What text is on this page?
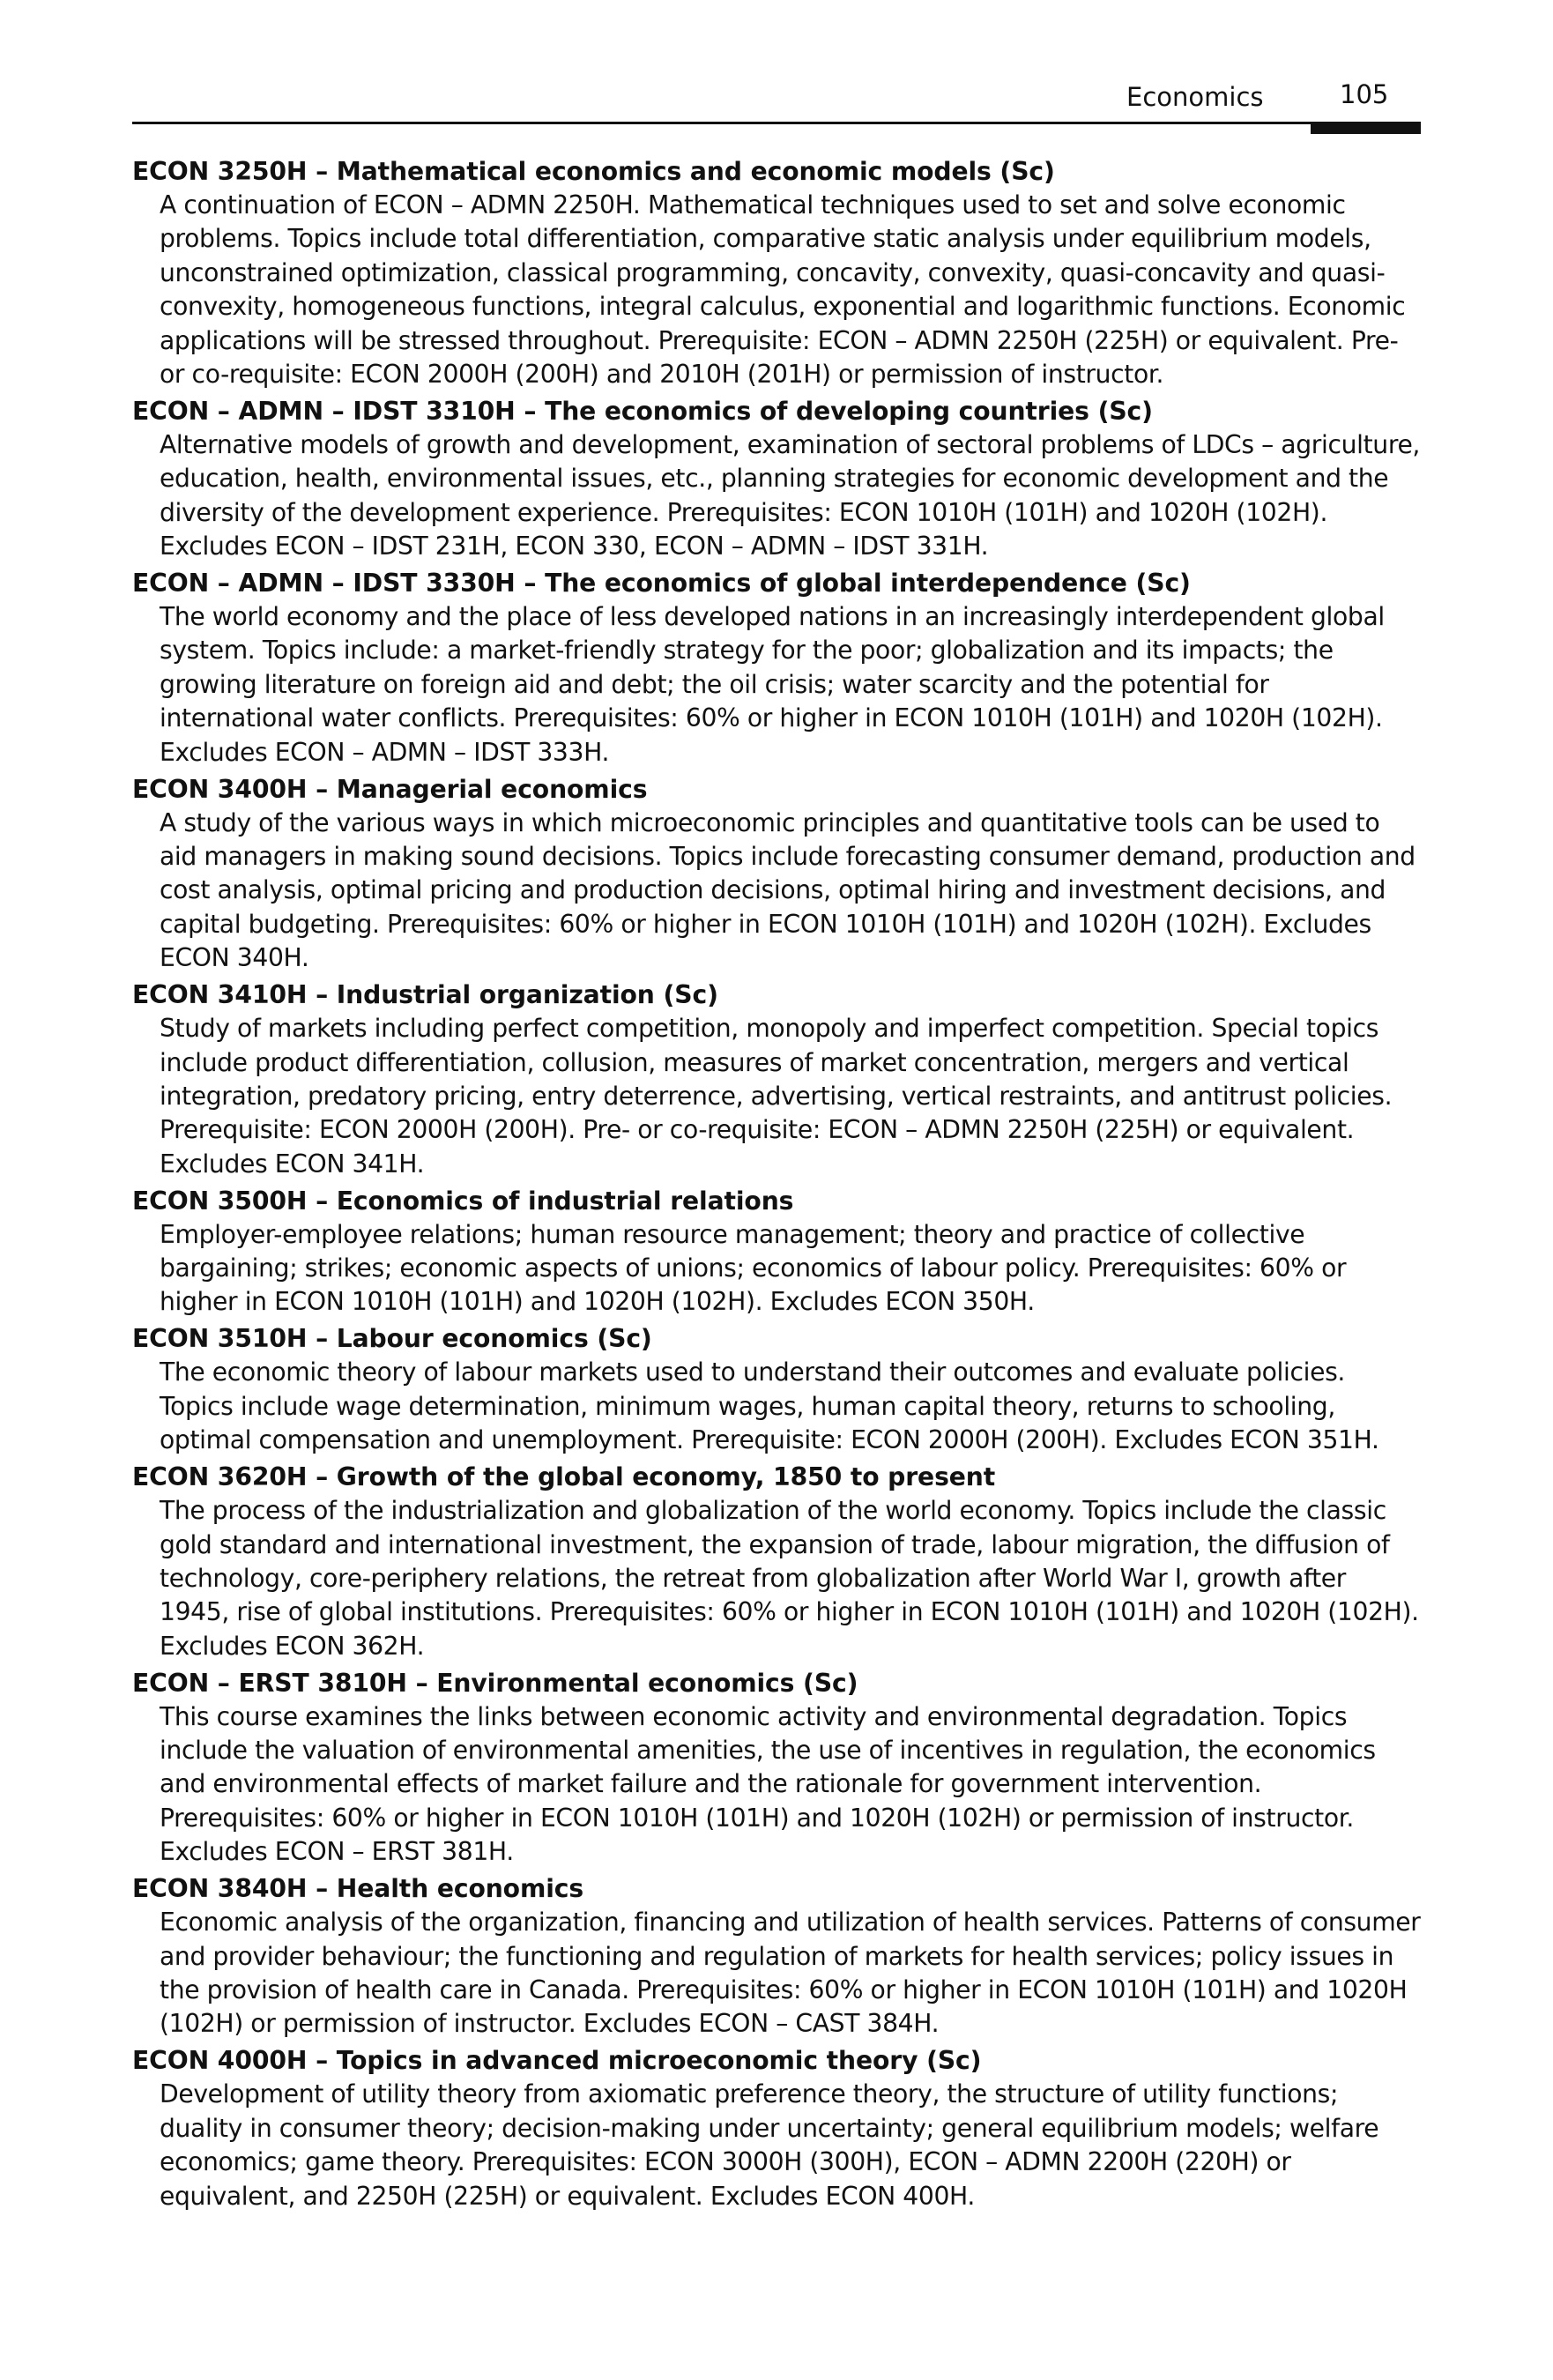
Economics	105
ECON 3250H – Mathematical economics and economic models (Sc)
A continuation of ECON – ADMN 2250H. Mathematical techniques used to set and solve economic problems. Topics include total differentiation, comparative static analysis under equilibrium models, unconstrained optimization, classical programming, concavity, convexity, quasi-concavity and quasi-convexity, homogeneous functions, integral calculus, exponential and logarithmic functions. Economic applications will be stressed throughout. Prerequisite: ECON – ADMN 2250H (225H) or equivalent. Pre- or co-requisite: ECON 2000H (200H) and 2010H (201H) or permission of instructor.
ECON – ADMN – IDST 3310H – The economics of developing countries (Sc)
Alternative models of growth and development, examination of sectoral problems of LDCs – agriculture, education, health, environmental issues, etc., planning strategies for economic development and the diversity of the development experience. Prerequisites: ECON 1010H (101H) and 1020H (102H). Excludes ECON – IDST 231H, ECON 330, ECON – ADMN – IDST 331H.
ECON – ADMN – IDST 3330H – The economics of global interdependence (Sc)
The world economy and the place of less developed nations in an increasingly interdependent global system. Topics include: a market-friendly strategy for the poor; globalization and its impacts; the growing literature on foreign aid and debt; the oil crisis; water scarcity and the potential for international water conflicts. Prerequisites: 60% or higher in ECON 1010H (101H) and 1020H (102H). Excludes ECON – ADMN – IDST 333H.
ECON 3400H – Managerial economics
A study of the various ways in which microeconomic principles and quantitative tools can be used to aid managers in making sound decisions. Topics include forecasting consumer demand, production and cost analysis, optimal pricing and production decisions, optimal hiring and investment decisions, and capital budgeting. Prerequisites: 60% or higher in ECON 1010H (101H) and 1020H (102H). Excludes ECON 340H.
ECON 3410H – Industrial organization (Sc)
Study of markets including perfect competition, monopoly and imperfect competition. Special topics include product differentiation, collusion, measures of market concentration, mergers and vertical integration, predatory pricing, entry deterrence, advertising, vertical restraints, and antitrust policies. Prerequisite: ECON 2000H (200H). Pre- or co-requisite: ECON – ADMN 2250H (225H) or equivalent. Excludes ECON 341H.
ECON 3500H – Economics of industrial relations
Employer-employee relations; human resource management; theory and practice of collective bargaining; strikes; economic aspects of unions; economics of labour policy. Prerequisites: 60% or higher in ECON 1010H (101H) and 1020H (102H). Excludes ECON 350H.
ECON 3510H – Labour economics (Sc)
The economic theory of labour markets used to understand their outcomes and evaluate policies. Topics include wage determination, minimum wages, human capital theory, returns to schooling, optimal compensation and unemployment. Prerequisite: ECON 2000H (200H). Excludes ECON 351H.
ECON 3620H – Growth of the global economy, 1850 to present
The process of the industrialization and globalization of the world economy. Topics include the classic gold standard and international investment, the expansion of trade, labour migration, the diffusion of technology, core-periphery relations, the retreat from globalization after World War I, growth after 1945, rise of global institutions. Prerequisites: 60% or higher in ECON 1010H (101H) and 1020H (102H). Excludes ECON 362H.
ECON – ERST 3810H – Environmental economics (Sc)
This course examines the links between economic activity and environmental degradation. Topics include the valuation of environmental amenities, the use of incentives in regulation, the economics and environmental effects of market failure and the rationale for government intervention. Prerequisites: 60% or higher in ECON 1010H (101H) and 1020H (102H) or permission of instructor. Excludes ECON – ERST 381H.
ECON 3840H – Health economics
Economic analysis of the organization, financing and utilization of health services. Patterns of consumer and provider behaviour; the functioning and regulation of markets for health services; policy issues in the provision of health care in Canada. Prerequisites: 60% or higher in ECON 1010H (101H) and 1020H (102H) or permission of instructor. Excludes ECON – CAST 384H.
ECON 4000H – Topics in advanced microeconomic theory (Sc)
Development of utility theory from axiomatic preference theory, the structure of utility functions; duality in consumer theory; decision-making under uncertainty; general equilibrium models; welfare economics; game theory. Prerequisites: ECON 3000H (300H), ECON – ADMN 2200H (220H) or equivalent, and 2250H (225H) or equivalent. Excludes ECON 400H.
